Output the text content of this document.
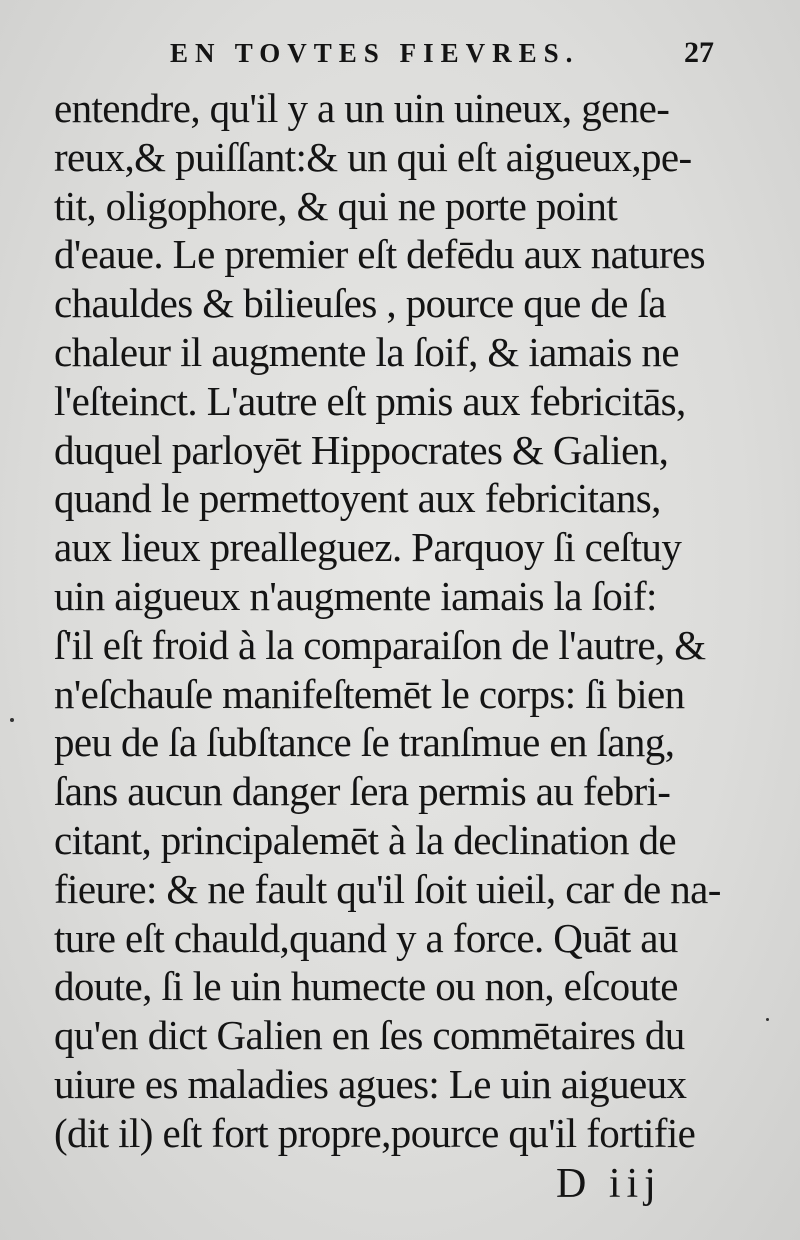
EN TOVTES FIEVRES.	27
entendre, qu'il y a un uin uineux, gene-
reux,& puiſſant:& un qui eſt aigueux,pe-
tit, oligophore, & qui ne porte point
d'eaue. Le premier eſt defēdu aux natures
chauldes & bilieuſes , pource que de ſa
chaleur il augmente la ſoif, & iamais ne
l'eſteinct. L'autre eſt pmis aux febricitās,
duquel parloyēt Hippocrates & Galien,
quand le permettoyent aux febricitans,
aux lieux prealleguez. Parquoy ſi ceſtuy
uin aigueux n'augmente iamais la ſoif:
ſ'il eſt froid à la comparaiſon de l'autre, &
n'eſchauſe manifeſtemēt le corps: ſi bien
peu de ſa ſubſtance ſe tranſmue en ſang,
ſans aucun danger ſera permis au febri-
citant, principalemēt à la declination de
fieure: & ne fault qu'il ſoit uieil, car de na-
ture eſt chauld,quand y a force. Quāt au
doute, ſi le uin humecte ou non, eſcoute
qu'en dict Galien en ſes commētaires du
uiure es maladies agues: Le uin aigueux
(dit il) eſt fort propre,pource qu'il fortifie
D iij
